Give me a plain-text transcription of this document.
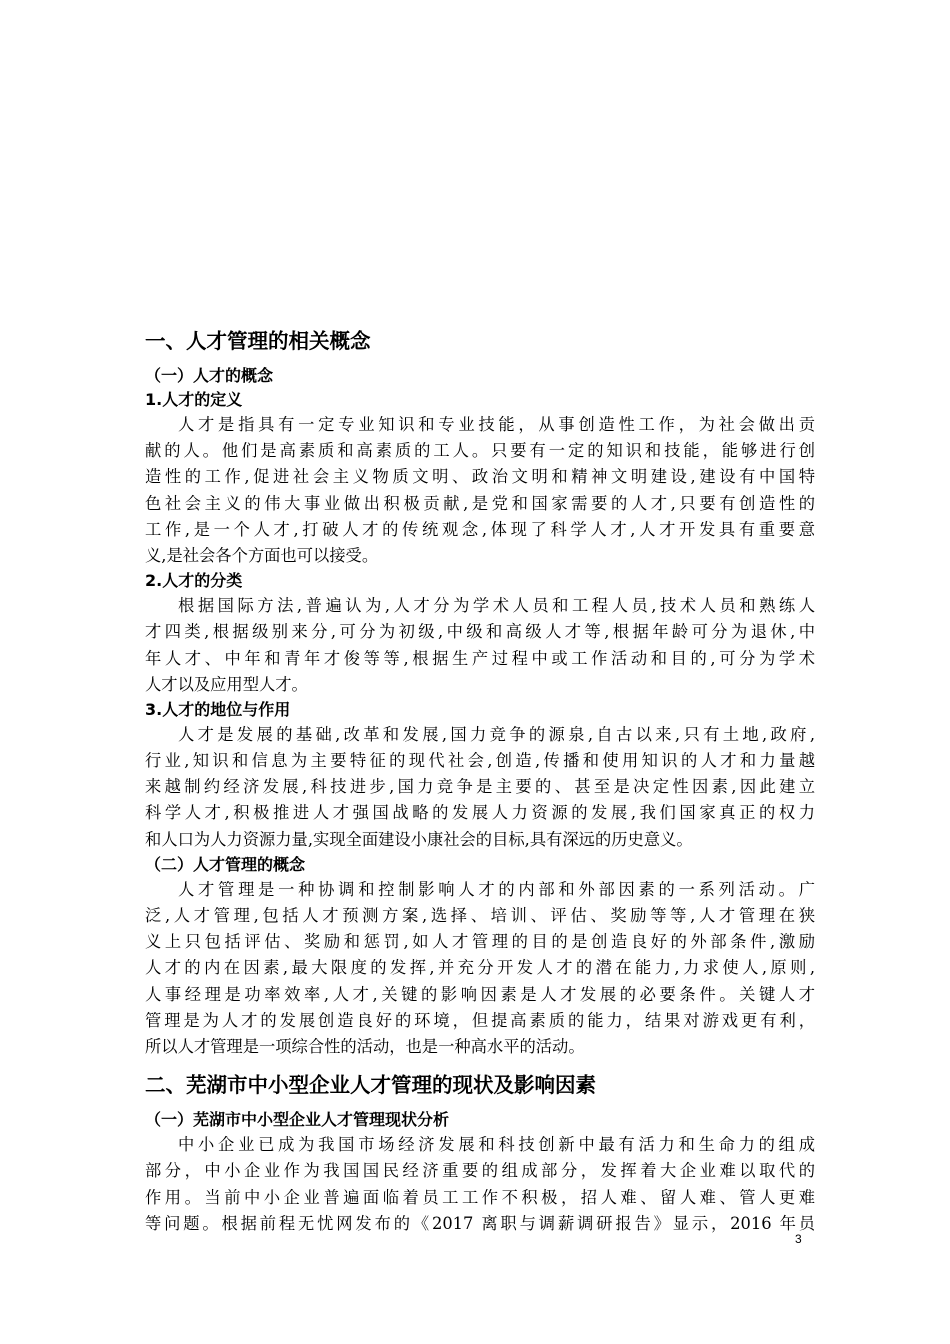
一、人才管理的相关概念
（一）人才的概念
1.人才的定义
人才是指具有一定专业知识和专业技能，从事创造性工作，为社会做出贡
献的人。他们是高素质和高素质的工人。只要有一定的知识和技能，能够进行创
造性的工作,促进社会主义物质文明、政治文明和精神文明建设,建设有中国特
色社会主义的伟大事业做出积极贡献,是党和国家需要的人才,只要有创造性的
工作,是一个人才,打破人才的传统观念,体现了科学人才,人才开发具有重要意
义,是社会各个方面也可以接受。
2.人才的分类
根据国际方法,普遍认为,人才分为学术人员和工程人员,技术人员和熟练人
才四类,根据级别来分,可分为初级,中级和高级人才等,根据年龄可分为退休,中
年人才、中年和青年才俊等等,根据生产过程中或工作活动和目的,可分为学术
人才以及应用型人才。
3.人才的地位与作用
人才是发展的基础,改革和发展,国力竞争的源泉,自古以来,只有土地,政府,
行业,知识和信息为主要特征的现代社会,创造,传播和使用知识的人才和力量越
来越制约经济发展,科技进步,国力竞争是主要的、甚至是决定性因素,因此建立
科学人才,积极推进人才强国战略的发展人力资源的发展,我们国家真正的权力
和人口为人力资源力量,实现全面建设小康社会的目标,具有深远的历史意义。
（二）人才管理的概念
人才管理是一种协调和控制影响人才的内部和外部因素的一系列活动。广
泛,人才管理,包括人才预测方案,选择、培训、评估、奖励等等,人才管理在狭
义上只包括评估、奖励和惩罚,如人才管理的目的是创造良好的外部条件,激励
人才的内在因素,最大限度的发挥,并充分开发人才的潜在能力,力求使人,原则,
人事经理是功率效率,人才,关键的影响因素是人才发展的必要条件。关键人才
管理是为人才的发展创造良好的环境，但提高素质的能力，结果对游戏更有利，
所以人才管理是一项综合性的活动，也是一种高水平的活动。
二、芜湖市中小型企业人才管理的现状及影响因素
（一）芜湖市中小型企业人才管理现状分析
中小企业已成为我国市场经济发展和科技创新中最有活力和生命力的组成
部分，中小企业作为我国国民经济重要的组成部分，发挥着大企业难以取代的
作用。当前中小企业普遍面临着员工工作不积极，招人难、留人难、管人更难
等问题。根据前程无忧网发布的《2017 离职与调薪调研报告》显示，2016 年员
3
